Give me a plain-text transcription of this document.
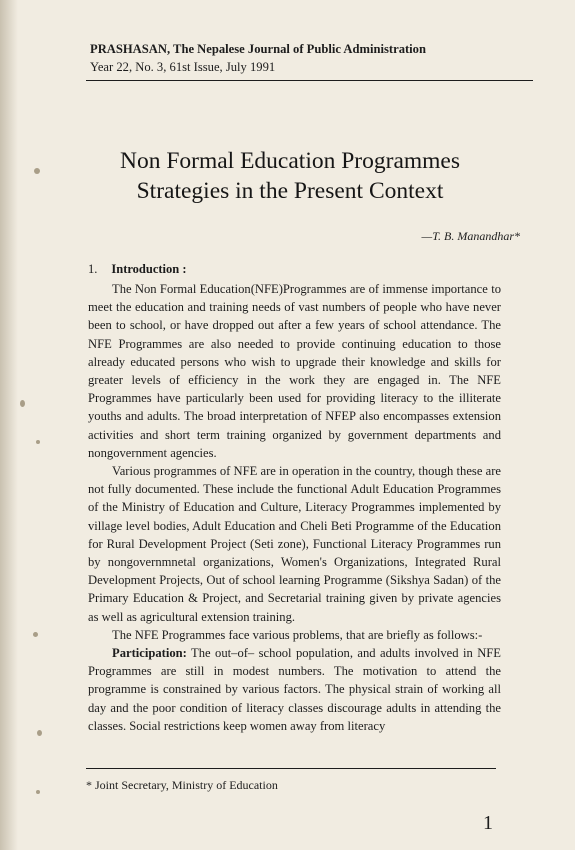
PRASHASAN, The Nepalese Journal of Public Administration
Year 22, No. 3, 61st Issue, July 1991
Non Formal Education Programmes
Strategies in the Present Context
—T. B. Manandhar*
1. Introduction :

The Non Formal Education(NFE)Programmes are of immense importance to meet the education and training needs of vast numbers of people who have never been to school, or have dropped out after a few years of school attendance. The NFE Programmes are also needed to provide continuing education to those already educated persons who wish to upgrade their knowledge and skills for greater levels of efficiency in the work they are engaged in. The NFE Programmes have particularly been used for providing literacy to the illiterate youths and adults. The broad interpretation of NFEP also encompasses extension activities and short term training organized by government departments and nongovernment agencies.

Various programmes of NFE are in operation in the country, though these are not fully documented. These include the functional Adult Education Programmes of the Ministry of Education and Culture, Literacy Programmes implemented by village level bodies, Adult Education and Cheli Beti Programme of the Education for Rural Development Project (Seti zone), Functional Literacy Programmes run by nongovernmnetal organizations, Women's Organizations, Integrated Rural Development Projects, Out of school learning Programme (Sikshya Sadan) of the Primary Education & Project, and Secretarial training given by private agencies as well as agricultural extension training.

The NFE Programmes face various problems, that are briefly as follows:-

Participation: The out–of– school population, and adults involved in NFE Programmes are still in modest numbers. The motivation to attend the programme is constrained by various factors. The physical strain of working all day and the poor condition of literacy classes discourage adults in attending the classes. Social restrictions keep women away from literacy

* Joint Secretary, Ministry of Education
1
